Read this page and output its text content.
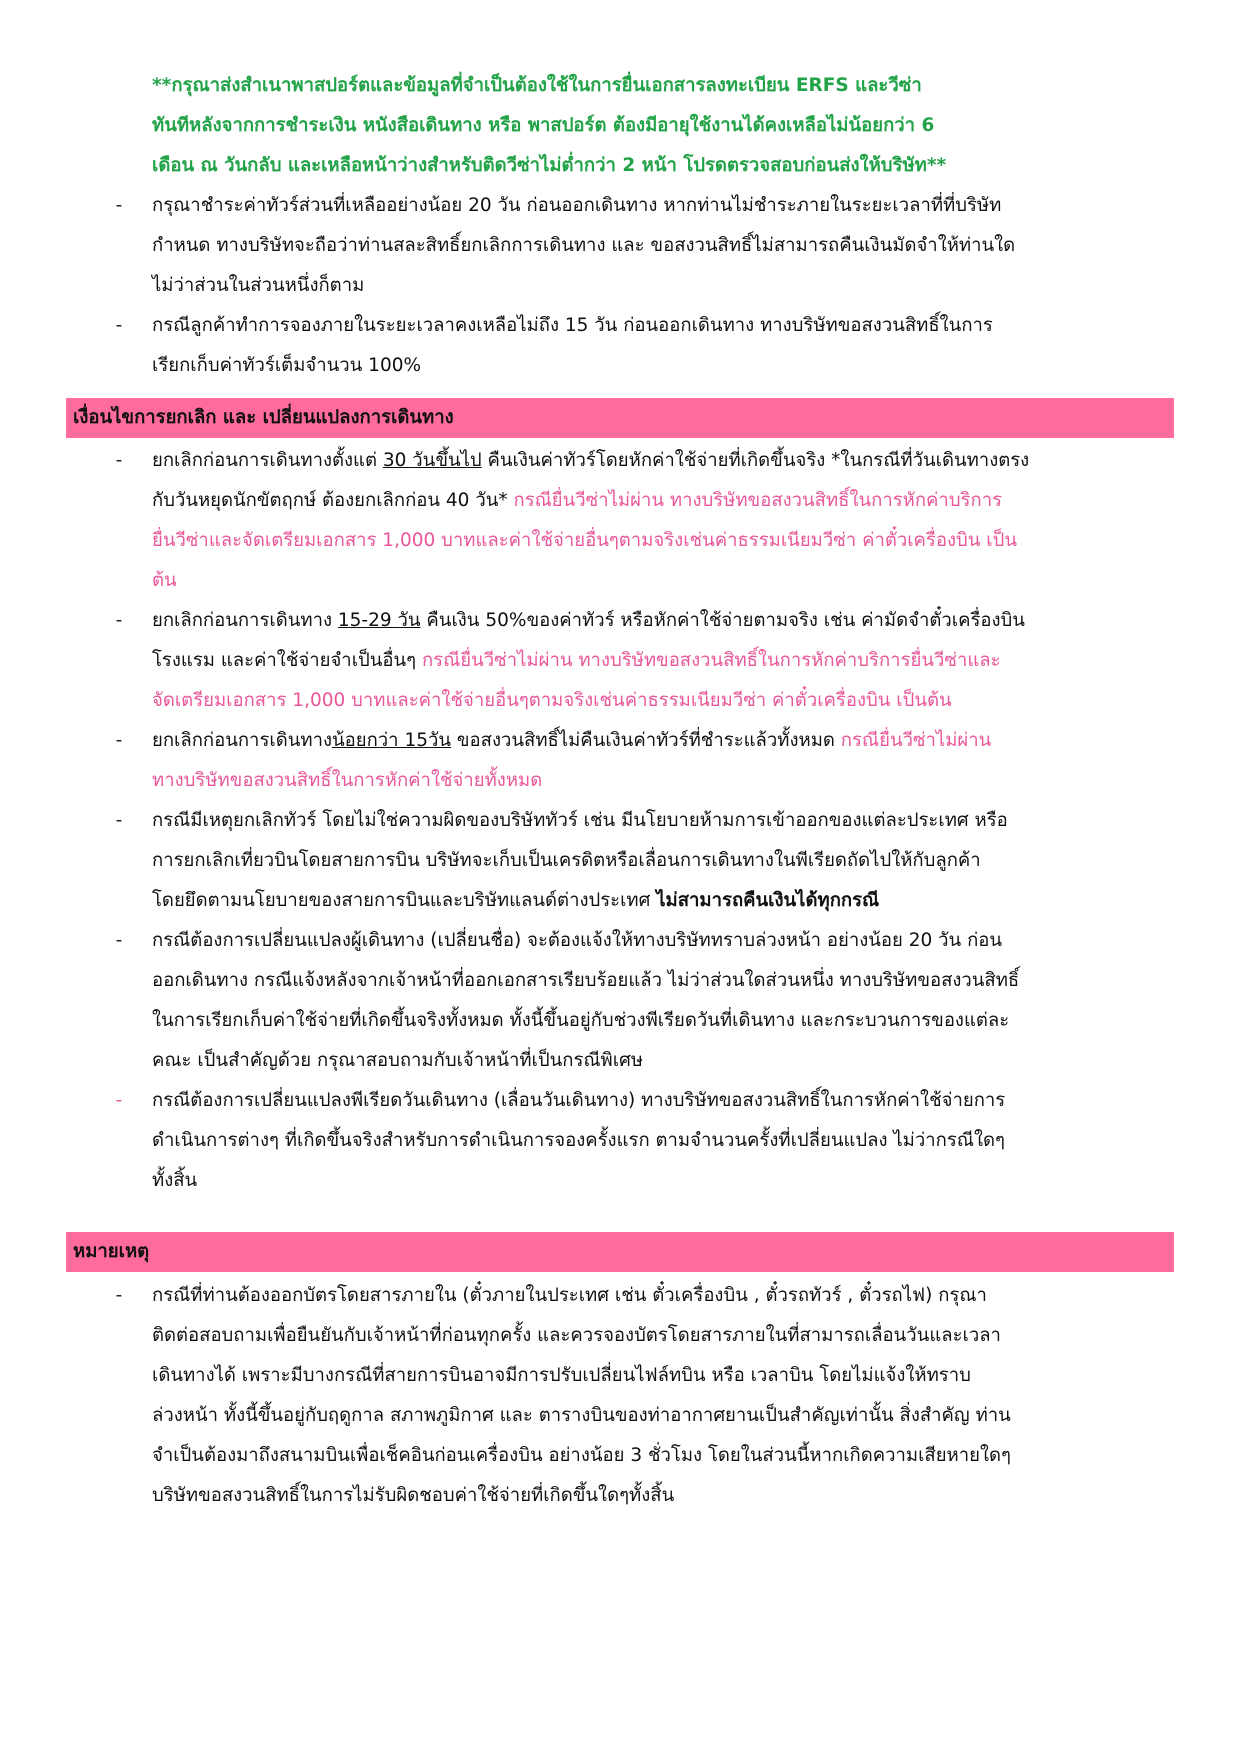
**กรุณาส่งสำเนาพาสปอร์ตและข้อมูลที่จำเป็นต้องใช้ในการยื่นเอกสารลงทะเบียน ERFS และวีซ่า
ทันทีหลังจากการชำระเงิน หนังสือเดินทาง หรือ พาสปอร์ต ต้องมีอายุใช้งานได้คงเหลือไม่น้อยกว่า 6
เดือน ณ วันกลับ และเหลือหน้าว่างสำหรับติดวีซ่าไม่ต่ำกว่า 2 หน้า โปรดตรวจสอบก่อนส่งให้บริษัท**
- กรุณาชำระค่าทัวร์ส่วนที่เหลืออย่างน้อย 20 วัน ก่อนออกเดินทาง หากท่านไม่ชำระภายในระยะเวลาที่ที่บริษัท
กำหนด ทางบริษัทจะถือว่าท่านสละสิทธิ์ยกเลิกการเดินทาง และ ขอสงวนสิทธิ์ไม่สามารถคืนเงินมัดจำให้ท่านใด
ไม่ว่าส่วนในส่วนหนึ่งก็ตาม
- กรณีลูกค้าทำการจองภายในระยะเวลาคงเหลือไม่ถึง 15 วัน ก่อนออกเดินทาง ทางบริษัทขอสงวนสิทธิ์ในการ
เรียกเก็บค่าทัวร์เต็มจำนวน 100%
เงื่อนไขการยกเลิก และ เปลี่ยนแปลงการเดินทาง
- ยกเลิกก่อนการเดินทางตั้งแต่ 30 วันขึ้นไป คืนเงินค่าทัวร์โดยหักค่าใช้จ่ายที่เกิดขึ้นจริง *ในกรณีที่วันเดินทางตรง
กับวันหยุดนักขัตฤกษ์ ต้องยกเลิกก่อน 40 วัน* กรณียื่นวีซ่าไม่ผ่าน ทางบริษัทขอสงวนสิทธิ์ในการหักค่าบริการ
ยื่นวีซ่าและจัดเตรียมเอกสาร 1,000 บาทและค่าใช้จ่ายอื่นๆตามจริงเช่นค่าธรรมเนียมวีซ่า ค่าตั๋วเครื่องบิน เป็น
ต้น
- ยกเลิกก่อนการเดินทาง 15-29 วัน คืนเงิน 50%ของค่าทัวร์ หรือหักค่าใช้จ่ายตามจริง เช่น ค่ามัดจำตั๋วเครื่องบิน
โรงแรม และค่าใช้จ่ายจำเป็นอื่นๆ กรณียื่นวีซ่าไม่ผ่าน ทางบริษัทขอสงวนสิทธิ์ในการหักค่าบริการยื่นวีซ่าและ
จัดเตรียมเอกสาร 1,000 บาทและค่าใช้จ่ายอื่นๆตามจริงเช่นค่าธรรมเนียมวีซ่า ค่าตั๋วเครื่องบิน เป็นต้น
- ยกเลิกก่อนการเดินทางน้อยกว่า 15วัน ขอสงวนสิทธิ์ไม่คืนเงินค่าทัวร์ที่ชำระแล้วทั้งหมด กรณียื่นวีซ่าไม่ผ่าน
ทางบริษัทขอสงวนสิทธิ์ในการหักค่าใช้จ่ายทั้งหมด
- กรณีมีเหตุยกเลิกทัวร์ โดยไม่ใช่ความผิดของบริษัททัวร์ เช่น มีนโยบายห้ามการเข้าออกของแต่ละประเทศ หรือ
การยกเลิกเที่ยวบินโดยสายการบิน บริษัทจะเก็บเป็นเครดิตหรือเลื่อนการเดินทางในพีเรียดถัดไปให้กับลูกค้า
โดยยึดตามนโยบายของสายการบินและบริษัทแลนด์ต่างประเทศ ไม่สามารถคืนเงินได้ทุกกรณี
- กรณีต้องการเปลี่ยนแปลงผู้เดินทาง (เปลี่ยนชื่อ) จะต้องแจ้งให้ทางบริษัททราบล่วงหน้า อย่างน้อย 20 วัน ก่อน
ออกเดินทาง กรณีแจ้งหลังจากเจ้าหน้าที่ออกเอกสารเรียบร้อยแล้ว ไม่ว่าส่วนใดส่วนหนึ่ง ทางบริษัทขอสงวนสิทธิ์
ในการเรียกเก็บค่าใช้จ่ายที่เกิดขึ้นจริงทั้งหมด ทั้งนี้ขึ้นอยู่กับช่วงพีเรียดวันที่เดินทาง และกระบวนการของแต่ละ
คณะ เป็นสำคัญด้วย กรุณาสอบถามกับเจ้าหน้าที่เป็นกรณีพิเศษ
- กรณีต้องการเปลี่ยนแปลงพีเรียดวันเดินทาง (เลื่อนวันเดินทาง) ทางบริษัทขอสงวนสิทธิ์ในการหักค่าใช้จ่ายการ
ดำเนินการต่างๆ ที่เกิดขึ้นจริงสำหรับการดำเนินการจองครั้งแรก ตามจำนวนครั้งที่เปลี่ยนแปลง ไม่ว่ากรณีใดๆ
ทั้งสิ้น
หมายเหตุ
- กรณีที่ท่านต้องออกบัตรโดยสารภายใน (ตั๋วภายในประเทศ เช่น ตั๋วเครื่องบิน , ตั๋วรถทัวร์ , ตั๋วรถไฟ) กรุณา
ติดต่อสอบถามเพื่อยืนยันกับเจ้าหน้าที่ก่อนทุกครั้ง และควรจองบัตรโดยสารภายในที่สามารถเลื่อนวันและเวลา
เดินทางได้ เพราะมีบางกรณีที่สายการบินอาจมีการปรับเปลี่ยนไฟล์ทบิน หรือ เวลาบิน โดยไม่แจ้งให้ทราบ
ล่วงหน้า ทั้งนี้ขึ้นอยู่กับฤดูกาล สภาพภูมิกาศ และ ตารางบินของท่าอากาศยานเป็นสำคัญเท่านั้น สิ่งสำคัญ ท่าน
จำเป็นต้องมาถึงสนามบินเพื่อเช็คอินก่อนเครื่องบิน อย่างน้อย 3 ชั่วโมง โดยในส่วนนี้หากเกิดความเสียหายใดๆ
บริษัทขอสงวนสิทธิ์ในการไม่รับผิดชอบค่าใช้จ่ายที่เกิดขึ้นใดๆทั้งสิ้น
